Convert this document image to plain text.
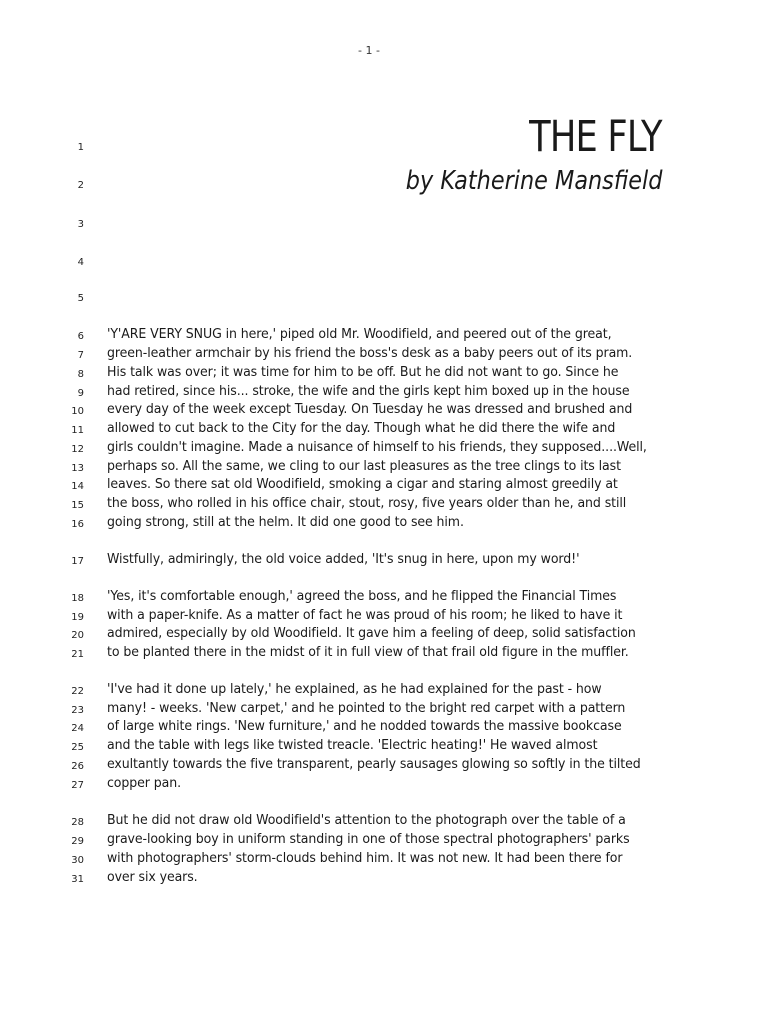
- 1 -
1
2
3
4
5
6
7
8
9
10
11
12
13
14
15
16
17
18
19
20
21
22
23
24
25
26
27
28
29
30
31
THE FLY
by Katherine Mansfield
'Y'ARE VERY SNUG in here,' piped old Mr. Woodifield, and peered out of the great,
green-leather armchair by his friend the boss's desk as a baby peers out of its pram.
His talk was over; it was time for him to be off. But he did not want to go. Since he
had retired, since his... stroke, the wife and the girls kept him boxed up in the house
every day of the week except Tuesday. On Tuesday he was dressed and brushed and
allowed to cut back to the City for the day. Though what he did there the wife and
girls couldn't imagine. Made a nuisance of himself to his friends, they supposed....Well,
perhaps so. All the same, we cling to our last pleasures as the tree clings to its last
leaves. So there sat old Woodifield, smoking a cigar and staring almost greedily at
the boss, who rolled in his office chair, stout, rosy, five years older than he, and still
going strong, still at the helm. It did one good to see him.
Wistfully, admiringly, the old voice added, 'It's snug in here, upon my word!'
'Yes, it's comfortable enough,' agreed the boss, and he flipped the Financial Times
with a paper-knife. As a matter of fact he was proud of his room; he liked to have it
admired, especially by old Woodifield. It gave him a feeling of deep, solid satisfaction
to be planted there in the midst of it in full view of that frail old figure in the muffler.
'I've had it done up lately,' he explained, as he had explained for the past - how
many! - weeks. 'New carpet,' and he pointed to the bright red carpet with a pattern
of large white rings. 'New furniture,' and he nodded towards the massive bookcase
and the table with legs like twisted treacle. 'Electric heating!' He waved almost
exultantly towards the five transparent, pearly sausages glowing so softly in the tilted
copper pan.
But he did not draw old Woodifield's attention to the photograph over the table of a
grave-looking boy in uniform standing in one of those spectral photographers' parks
with photographers' storm-clouds behind him. It was not new. It had been there for
over six years.
